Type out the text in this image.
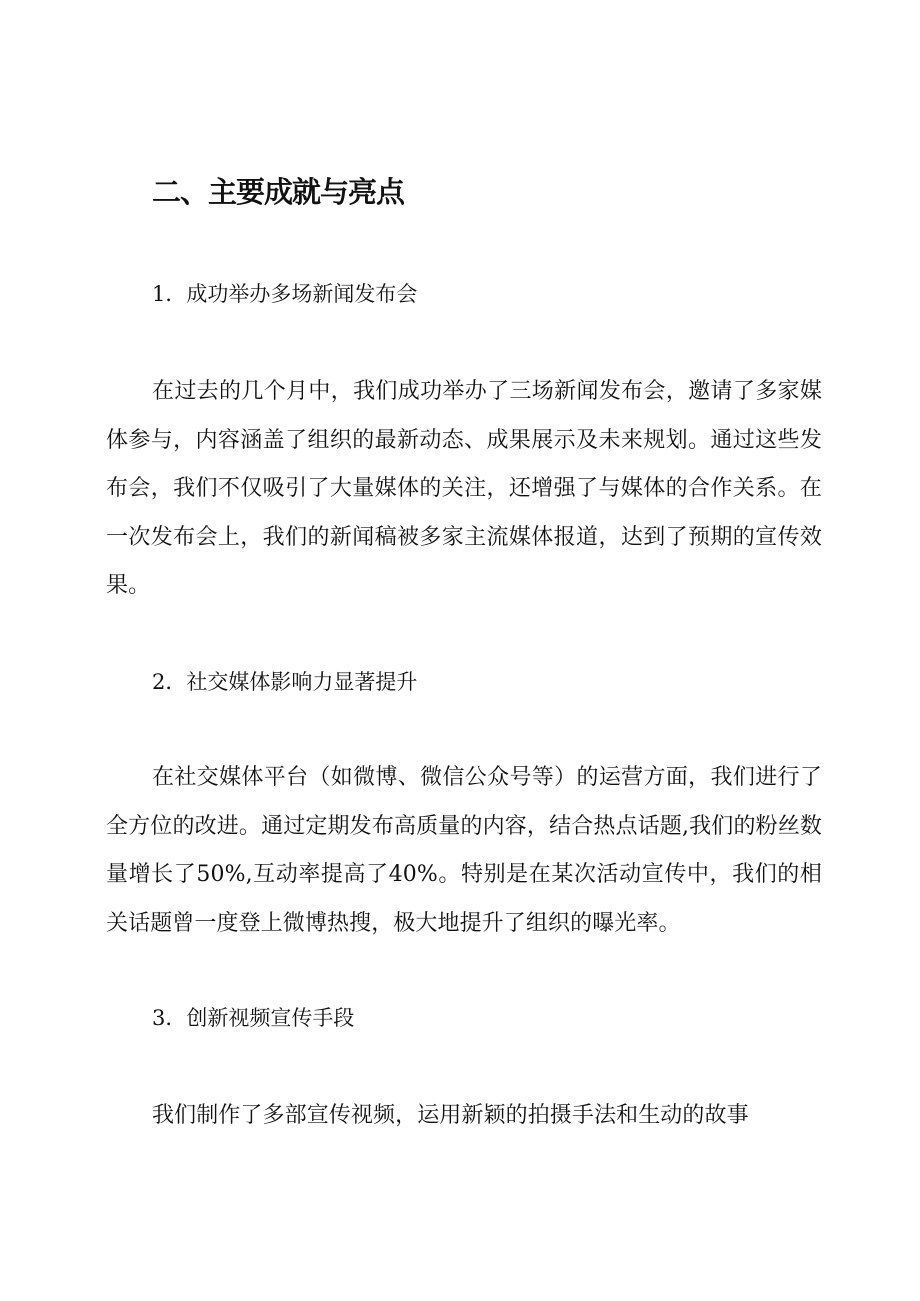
二、主要成就与亮点

1．成功举办多场新闻发布会

在过去的几个月中，我们成功举办了三场新闻发布会，邀请了多家媒体参与，内容涵盖了组织的最新动态、成果展示及未来规划。通过这些发布会，我们不仅吸引了大量媒体的关注，还增强了与媒体的合作关系。在一次发布会上，我们的新闻稿被多家主流媒体报道，达到了预期的宣传效果。

2．社交媒体影响力显著提升

在社交媒体平台（如微博、微信公众号等）的运营方面，我们进行了全方位的改进。通过定期发布高质量的内容，结合热点话题,我们的粉丝数量增长了50%,互动率提高了40%。特别是在某次活动宣传中，我们的相关话题曾一度登上微博热搜，极大地提升了组织的曝光率。

3．创新视频宣传手段

我们制作了多部宣传视频，运用新颖的拍摄手法和生动的故事
